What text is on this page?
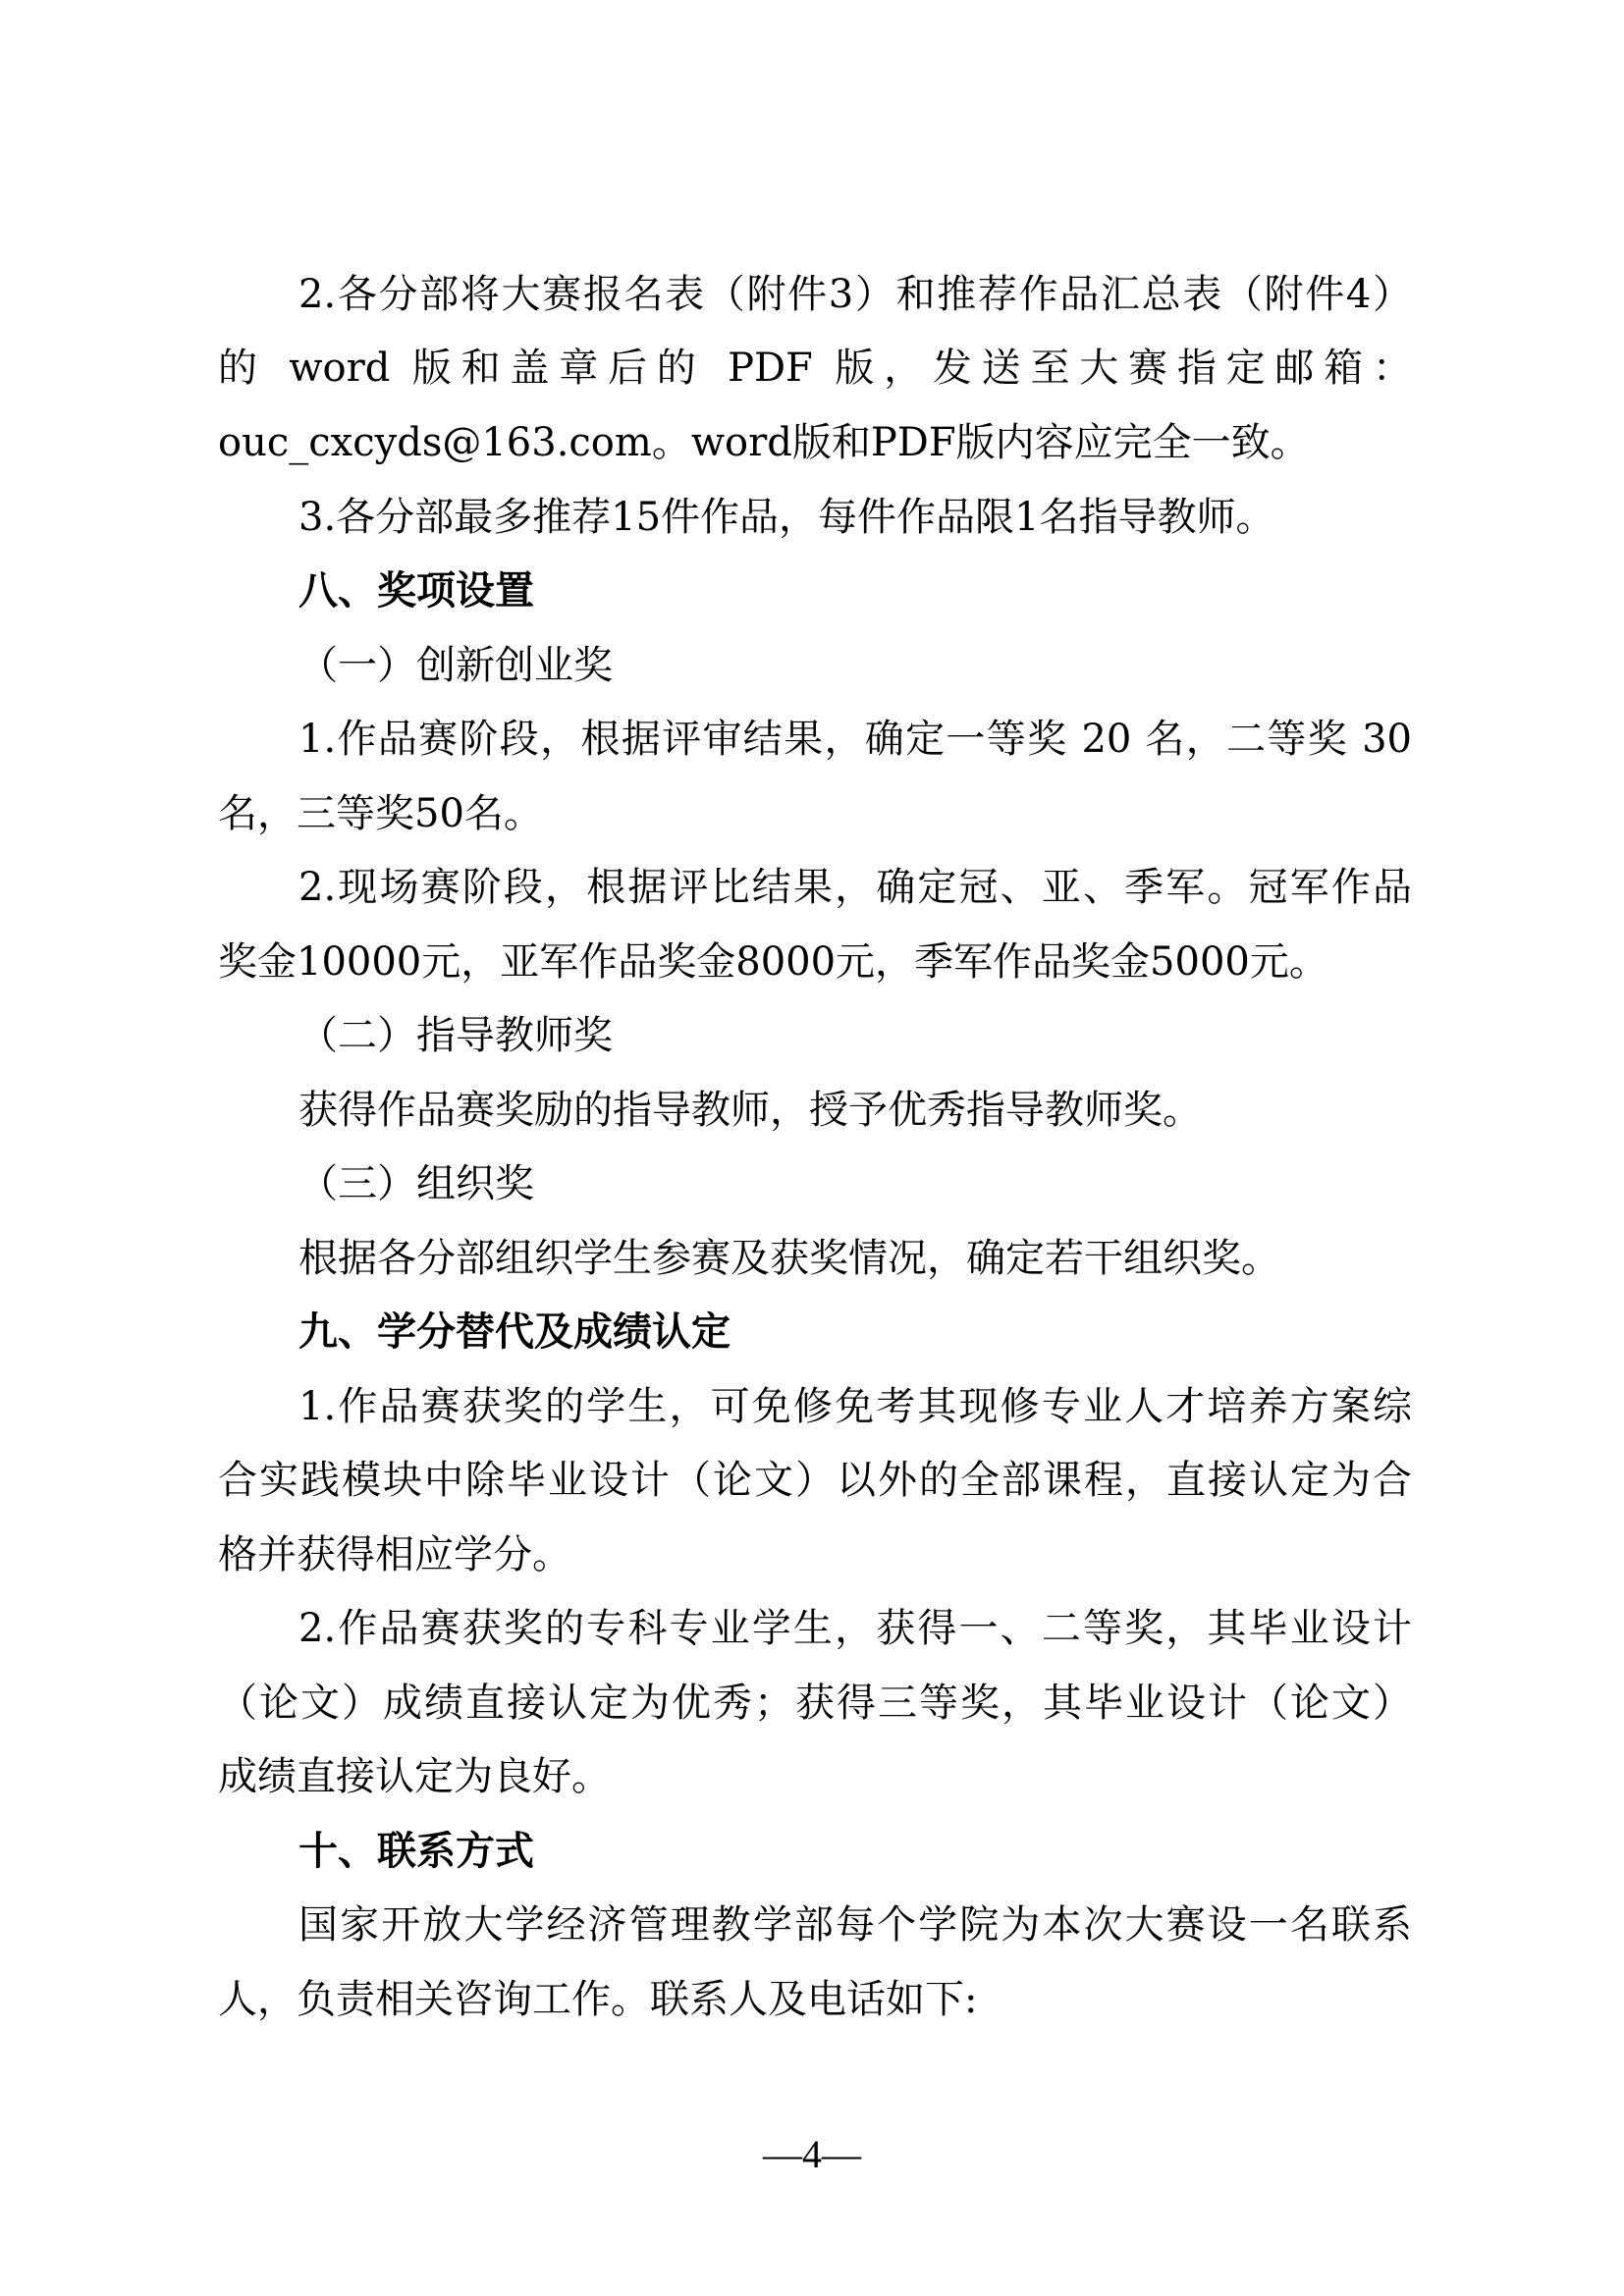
2.各分部将大赛报名表（附件3）和推荐作品汇总表（附件4）
的 word 版和盖章后的 PDF 版，发送至大赛指定邮箱：
ouc_cxcyds@163.com。word版和PDF版内容应完全一致。
3.各分部最多推荐15件作品，每件作品限1名指导教师。
八、奖项设置
（一）创新创业奖
1.作品赛阶段，根据评审结果，确定一等奖 20 名，二等奖 30
名，三等奖50名。
2.现场赛阶段，根据评比结果，确定冠、亚、季军。冠军作品
奖金10000元，亚军作品奖金8000元，季军作品奖金5000元。
（二）指导教师奖
获得作品赛奖励的指导教师，授予优秀指导教师奖。
（三）组织奖
根据各分部组织学生参赛及获奖情况，确定若干组织奖。
九、学分替代及成绩认定
1.作品赛获奖的学生，可免修免考其现修专业人才培养方案综
合实践模块中除毕业设计（论文）以外的全部课程，直接认定为合
格并获得相应学分。
2.作品赛获奖的专科专业学生，获得一、二等奖，其毕业设计
（论文）成绩直接认定为优秀；获得三等奖，其毕业设计（论文）
成绩直接认定为良好。
十、联系方式
国家开放大学经济管理教学部每个学院为本次大赛设一名联系
人，负责相关咨询工作。联系人及电话如下:
—4—
